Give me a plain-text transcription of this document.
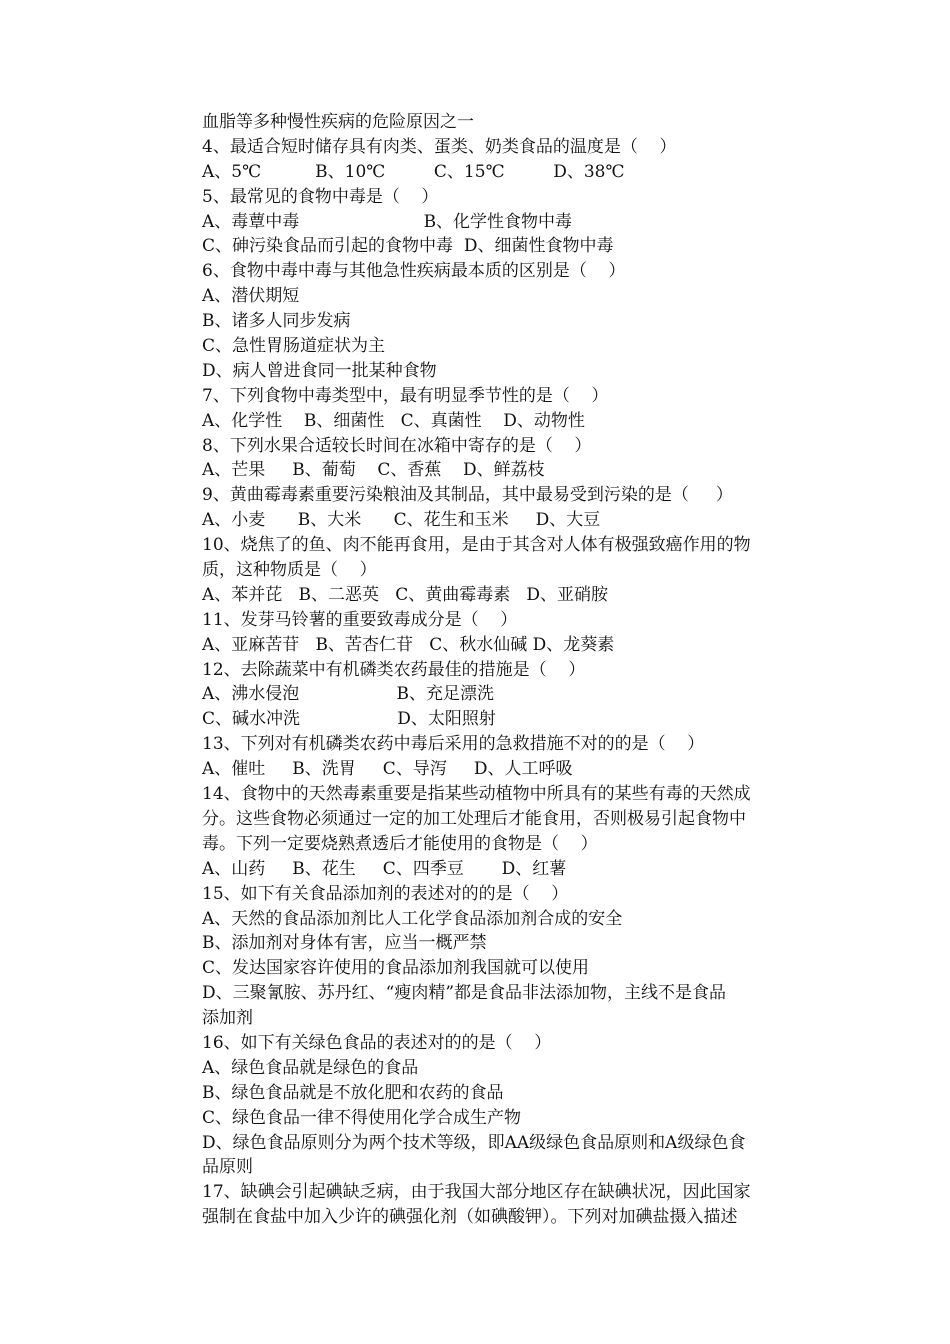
血脂等多种慢性疾病的危险原因之一
4、最适合短时储存具有肉类、蛋类、奶类食品的温度是（    ）
A、5℃          B、10℃         C、15℃         D、38℃
5、最常见的食物中毒是（    ）
A、毒蕈中毒                       B、化学性食物中毒
C、砷污染食品而引起的食物中毒  D、细菌性食物中毒
6、食物中毒中毒与其他急性疾病最本质的区别是（    ）
A、潜伏期短
B、诸多人同步发病
C、急性胃肠道症状为主
D、病人曾进食同一批某种食物
7、下列食物中毒类型中，最有明显季节性的是（    ）
A、化学性    B、细菌性   C、真菌性    D、动物性
8、下列水果合适较长时间在冰箱中寄存的是（    ）
A、芒果     B、葡萄    C、香蕉    D、鲜荔枝
9、黄曲霉毒素重要污染粮油及其制品，其中最易受到污染的是（     ）
A、小麦      B、大米      C、花生和玉米     D、大豆
10、烧焦了的鱼、肉不能再食用，是由于其含对人体有极强致癌作用的物
质，这种物质是（    ）
A、苯并芘   B、二恶英   C、黄曲霉毒素   D、亚硝胺
11、发芽马铃薯的重要致毒成分是（    ）
A、亚麻苦苷   B、苦杏仁苷   C、秋水仙碱 D、龙葵素
12、去除蔬菜中有机磷类农药最佳的措施是（    ）
A、沸水侵泡                  B、充足漂洗
C、碱水冲洗                  D、太阳照射
13、下列对有机磷类农药中毒后采用的急救措施不对的的是（    ）
A、催吐     B、洗胃     C、导泻     D、人工呼吸
14、食物中的天然毒素重要是指某些动植物中所具有的某些有毒的天然成
分。这些食物必须通过一定的加工处理后才能食用，否则极易引起食物中
毒。下列一定要烧熟煮透后才能使用的食物是（    ）
A、山药     B、花生     C、四季豆       D、红薯
15、如下有关食品添加剂的表述对的的是（    ）
A、天然的食品添加剂比人工化学食品添加剂合成的安全
B、添加剂对身体有害，应当一概严禁
C、发达国家容许使用的食品添加剂我国就可以使用
D、三聚氰胺、苏丹红、“瘦肉精”都是食品非法添加物，主线不是食品
添加剂
16、如下有关绿色食品的表述对的的是（    ）
A、绿色食品就是绿色的食品
B、绿色食品就是不放化肥和农药的食品
C、绿色食品一律不得使用化学合成生产物
D、绿色食品原则分为两个技术等级，即AA级绿色食品原则和A级绿色食
品原则
17、缺碘会引起碘缺乏病，由于我国大部分地区存在缺碘状况，因此国家
强制在食盐中加入少许的碘强化剂（如碘酸钾）。下列对加碘盐摄入描述
